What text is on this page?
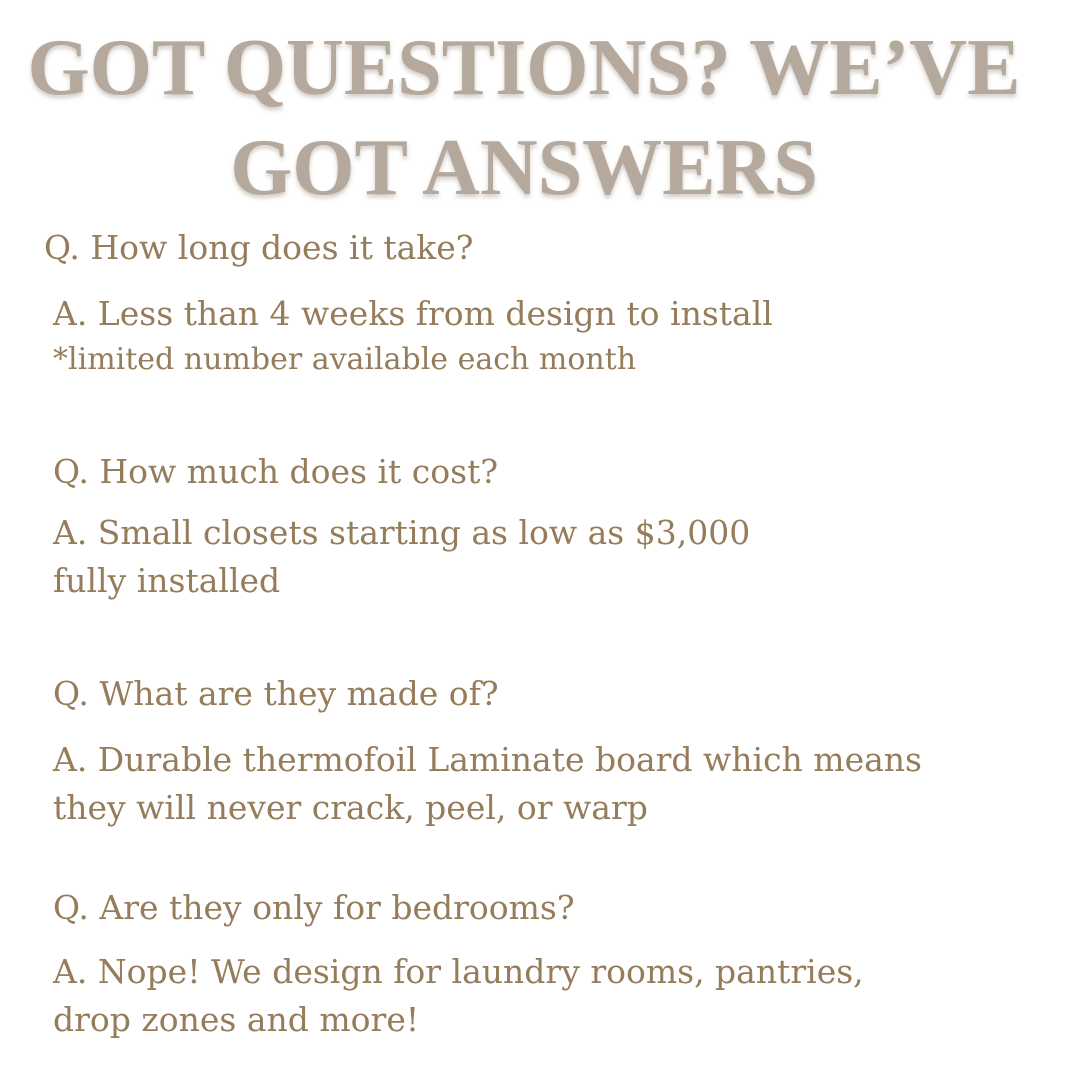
GOT QUESTIONS? WE’VE
GOT ANSWERS

Q. How long does it take?

A. Less than 4 weeks from design to install
*limited number available each month

Q. How much does it cost?

A. Small closets starting as low as $3,000
fully installed

Q. What are they made of?

A. Durable thermofoil Laminate board which means
they will never crack, peel, or warp

Q. Are they only for bedrooms?

A. Nope! We design for laundry rooms, pantries,
drop zones and more!
